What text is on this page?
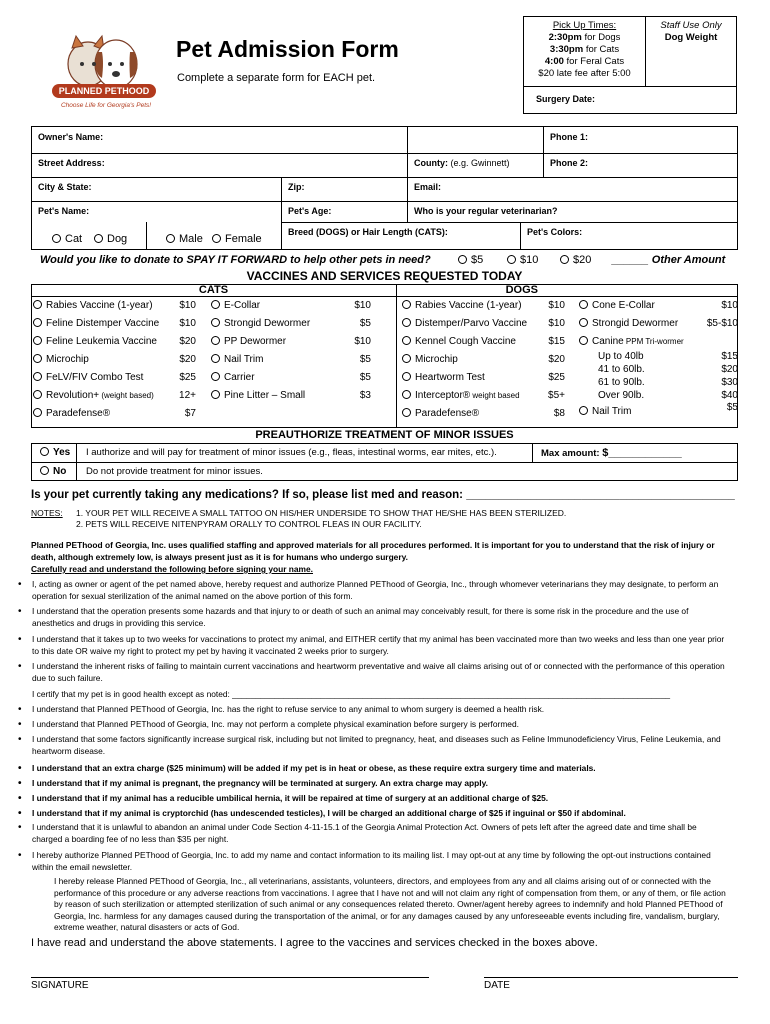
PLANNED PETHOOD
Choose Life for Georgia's Pets!
Pet Admission Form
Complete a separate form for EACH pet.
Pick Up Times:
2:30pm for Dogs
3:30pm for Cats
4:00 for Feral Cats
$20 late fee after 5:00
Staff Use Only
Dog Weight
Surgery Date:
Owner's Name:	Phone 1:
Street Address:	County: (e.g. Gwinnett)	Phone 2:
City & State:	Zip:	Email:
Pet's Name:	Pet's Age:	Who is your regular veterinarian?
Cat	Dog	Male	Female
Breed (DOGS) or Hair Length (CATS):	Pet's Colors:
Would you like to donate to SPAY IT FORWARD to help other pets in need?	$5	$10	$20 ______ Other Amount
VACCINES AND SERVICES REQUESTED TODAY
CATS	DOGS
Rabies Vaccine (1-year)	$10
Feline Distemper Vaccine $10
Feline Leukemia Vaccine $20
Microchip	$20
FeLV/FIV Combo Test	$25
Revolution+ (weight based)	12+
Paradefense®	$7
E-Collar	$10
Strongid Dewormer	$5
PP Dewormer	$10
Nail Trim	$5
Carrier	$5
Pine Litter – Small	$3
Rabies Vaccine (1-year)	$10
Distemper/Parvo Vaccine $10
Kennel Cough Vaccine	$15
Microchip	$20
Heartworm Test	$25
Interceptor® weight based	$5+
Paradefense®	$8
Cone E-Collar	$10
Strongid Dewormer	$5-$10
Canine PPM Tri-wormer
Up to 40lb	$15
41 to 60lb.	$20
61 to 90lb.	$30
Over 90lb.	$40
Nail Trim	$5
PREAUTHORIZE TREATMENT OF MINOR ISSUES
Yes I authorize and will pay for treatment of minor issues (e.g., fleas, intestinal worms, ear mites, etc.).	Max amount: $____________
No Do not provide treatment for minor issues.
Is your pet currently taking any medications? If so, please list med and reason: __________________________________________
NOTES: 1. YOUR PET WILL RECEIVE A SMALL TATTOO ON HIS/HER UNDERSIDE TO SHOW THAT HE/SHE HAS BEEN STERILIZED.
2. PETS WILL RECEIVE NITENPYRAM ORALLY TO CONTROL FLEAS IN OUR FACILITY.
Planned PEThood of Georgia, Inc. uses qualified staffing and approved materials for all procedures performed. It is important for you to understand that the risk of injury or death, although extremely low, is always present just as it is for humans who undergo surgery.
Carefully read and understand the following before signing your name.
• I, acting as owner or agent of the pet named above, hereby request and authorize Planned PEThood of Georgia, Inc., through whomever veterinarians they may designate, to perform an operation for sexual sterilization of the animal named on the above portion of this form.
• I understand that the operation presents some hazards and that injury to or death of such an animal may conceivably result, for there is some risk in the procedure and the use of anesthetics and drugs in providing this service.
• I understand that it takes up to two weeks for vaccinations to protect my animal, and EITHER certify that my animal has been vaccinated more than two weeks and less than one year prior to this date OR waive my right to protect my pet by having it vaccinated 2 weeks prior to surgery.
• I understand the inherent risks of failing to maintain current vaccinations and heartworm preventative and waive all claims arising out of or connected with the performance of this operation due to such failure.
• I certify that my pet is in good health except as noted: ______________________________________________________________________________________________
• I understand that Planned PEThood of Georgia, Inc. has the right to refuse service to any animal to whom surgery is deemed a health risk.
• I understand that Planned PEThood of Georgia, Inc. may not perform a complete physical examination before surgery is performed.
• I understand that some factors significantly increase surgical risk, including but not limited to pregnancy, heat, and diseases such as Feline Immunodeficiency Virus, Feline Leukemia, and heartworm disease.
• I understand that an extra charge ($25 minimum) will be added if my pet is in heat or obese, as these require extra surgery time and materials.
• I understand that if my animal is pregnant, the pregnancy will be terminated at surgery. An extra charge may apply.
• I understand that if my animal has a reducible umbilical hernia, it will be repaired at time of surgery at an additional charge of $25.
• I understand that if my animal is cryptorchid (has undescended testicles), I will be charged an additional charge of $25 if inguinal or $50 if abdominal.
• I understand that it is unlawful to abandon an animal under Code Section 4-11-15.1 of the Georgia Animal Protection Act. Owners of pets left after the agreed date and time shall be charged a boarding fee of no less than $35 per night.
• I hereby authorize Planned PEThood of Georgia, Inc. to add my name and contact information to its mailing list. I may opt-out at any time by following the opt-out instructions contained within the email newsletter.
I hereby release Planned PEThood of Georgia, Inc., all veterinarians, assistants, volunteers, directors, and employees from any and all claims arising out of or connected with the performance of this procedure or any adverse reactions from vaccinations. I agree that I have not and will not claim any right of compensation from them, or any of them, or file action by reason of such sterilization or attempted sterilization of such animal or any consequences related thereto. Owner/agent hereby agrees to indemnify and hold Planned PEThood of Georgia, Inc. harmless for any damages caused during the transportation of the animal, or for any damages caused by any unforeseeable events including fire, vandalism, burglary, extreme weather, natural disasters or acts of God.
I have read and understand the above statements. I agree to the vaccines and services checked in the boxes above.
SIGNATURE	DATE
